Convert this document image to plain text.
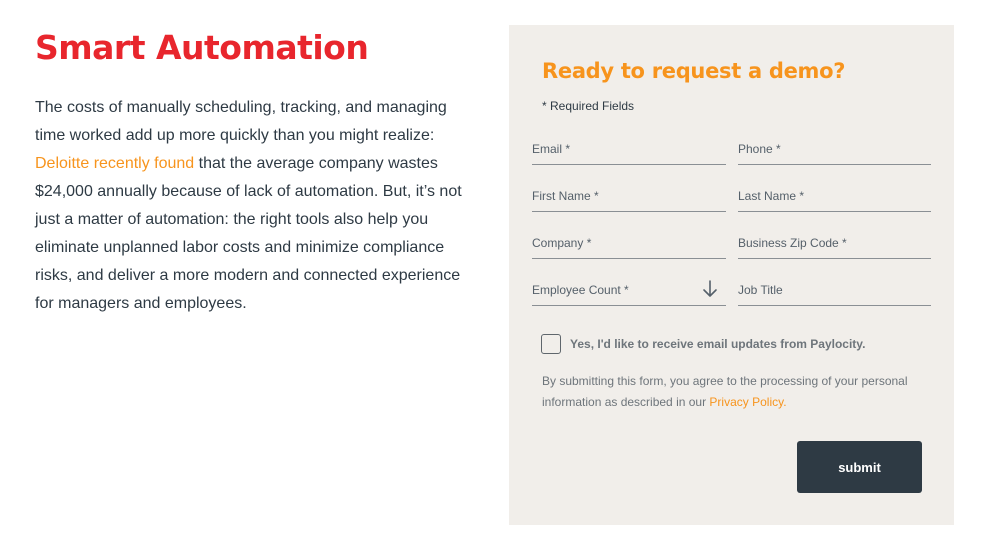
Smart Automation

The costs of manually scheduling, tracking, and managing time worked add up more quickly than you might realize: Deloitte recently found that the average company wastes $24,000 annually because of lack of automation. But, it’s not just a matter of automation: the right tools also help you eliminate unplanned labor costs and minimize compliance risks, and deliver a more modern and connected experience for managers and employees.

Ready to request a demo?
* Required Fields
Email *	Phone *
First Name *	Last Name *
Company *	Business Zip Code *
Employee Count *	Job Title
Yes, I'd like to receive email updates from Paylocity.

By submitting this form, you agree to the processing of your personal information as described in our Privacy Policy.

submit
